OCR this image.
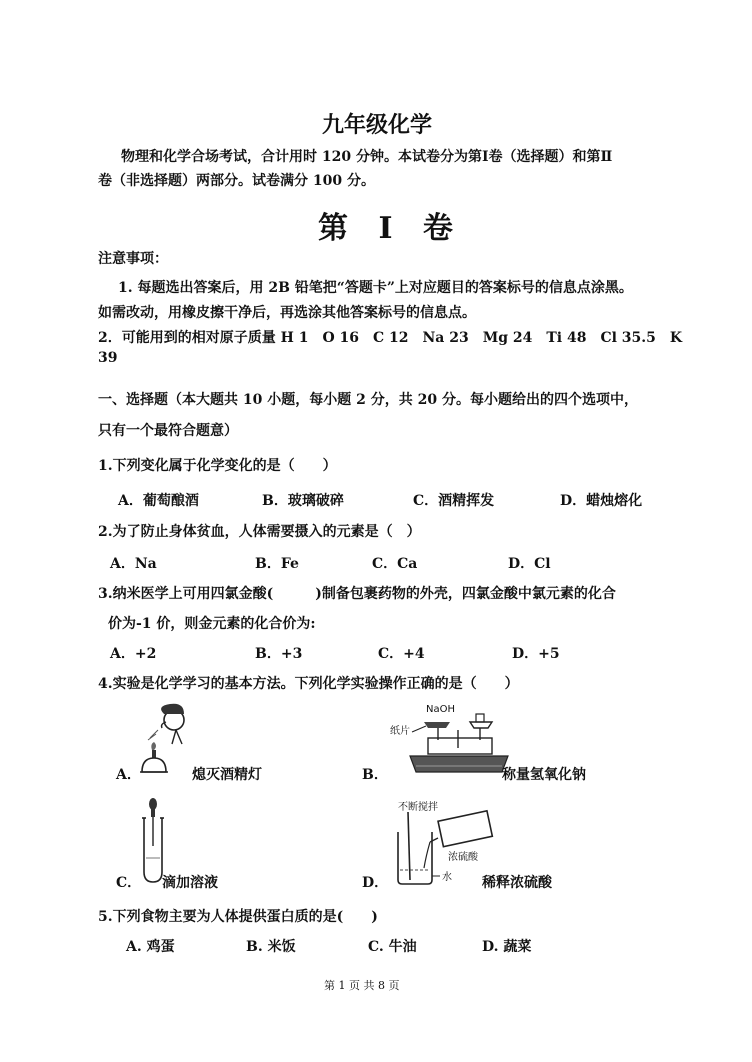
九年级化学
物理和化学合场考试，合计用时 120 分钟。本试卷分为第Ⅰ卷（选择题）和第Ⅱ
卷（非选择题）两部分。试卷满分 100 分。
第 Ⅰ 卷
注意事项：
1. 每题选出答案后，用 2B 铅笔把“答题卡”上对应题目的答案标号的信息点涂黑。
如需改动，用橡皮擦干净后，再选涂其他答案标号的信息点。
2．可能用到的相对原子质量 H 1　O 16　C 12　Na 23　Mg 24　Ti 48　Cl 35.5　K
39
一、选择题（本大题共 10 小题，每小题 2 分，共 20 分。每小题给出的四个选项中，
只有一个最符合题意）
1.下列变化属于化学变化的是（　　）
A．葡萄酿酒	B．玻璃破碎	C．酒精挥发	D．蜡烛熔化
2.为了防止身体贫血，人体需要摄入的元素是（　）
A．Na	B．Fe	C．Ca	D．Cl
3.纳米医学上可用四氯金酸(　　　)制备包裹药物的外壳，四氯金酸中氯元素的化合
价为-1 价，则金元素的化合价为:
A．+2	B．+3	C．+4	D．+5
4.实验是化学学习的基本方法。下列化学实验操作正确的是（　　）
A．	熄灭酒精灯
NaOH
纸片
B．	称量氢氧化钠
C． 滴加溶液
不断搅拌
浓硫酸
水
D．	稀释浓硫酸
5.下列食物主要为人体提供蛋白质的是(　　)
A. 鸡蛋	B. 米饭	C. 牛油	D. 蔬菜
第 1 页 共 8 页
